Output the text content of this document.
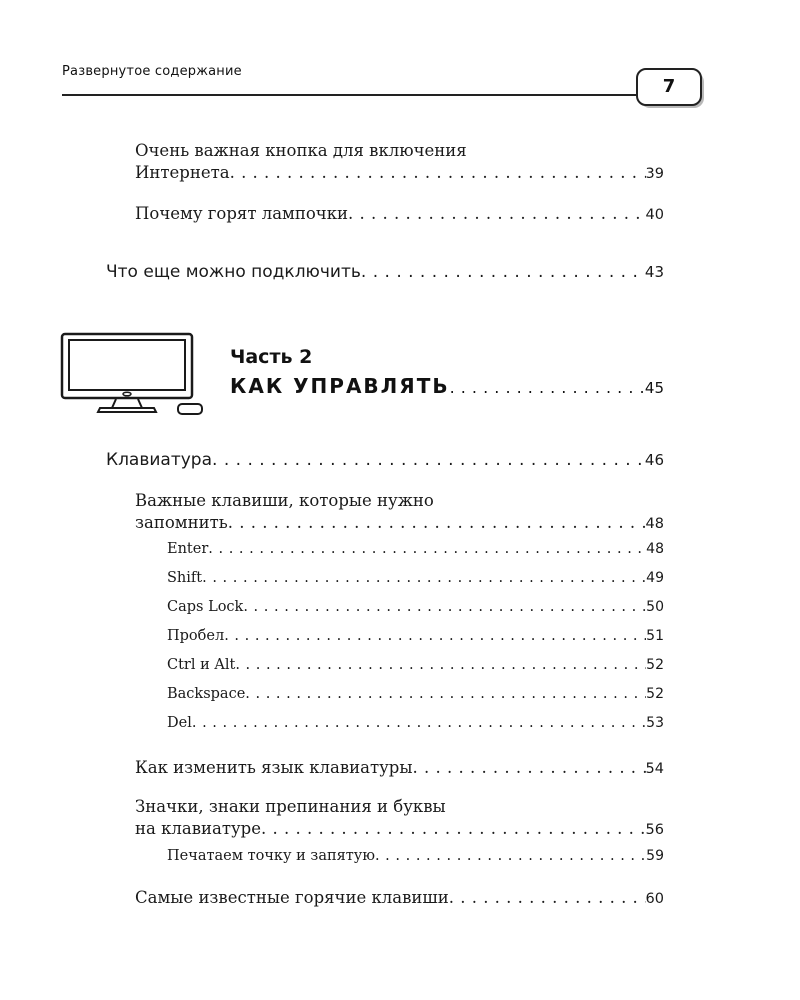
Развернутое содержание
7
Очень важная кнопка для включения
Интернета . . .	39
Почему горят лампочки . . .	40
Что еще можно подключить . . .	43
Часть 2
КАК УПРАВЛЯТЬ . . .	45
Клавиатура . . .	46
Важные клавиши, которые нужно
запомнить . . .	48
Enter . . .	48
Shift . . .	49
Caps Lock . . .	50
Пробел . . .	51
Ctrl и Alt . . .	52
Backspace . . .	52
Del . . .	53
Как изменить язык клавиатуры . . .	54
Значки, знаки препинания и буквы
на клавиатуре . . .	56
Печатаем точку и запятую . . .	59
Самые известные горячие клавиши . . .	60
